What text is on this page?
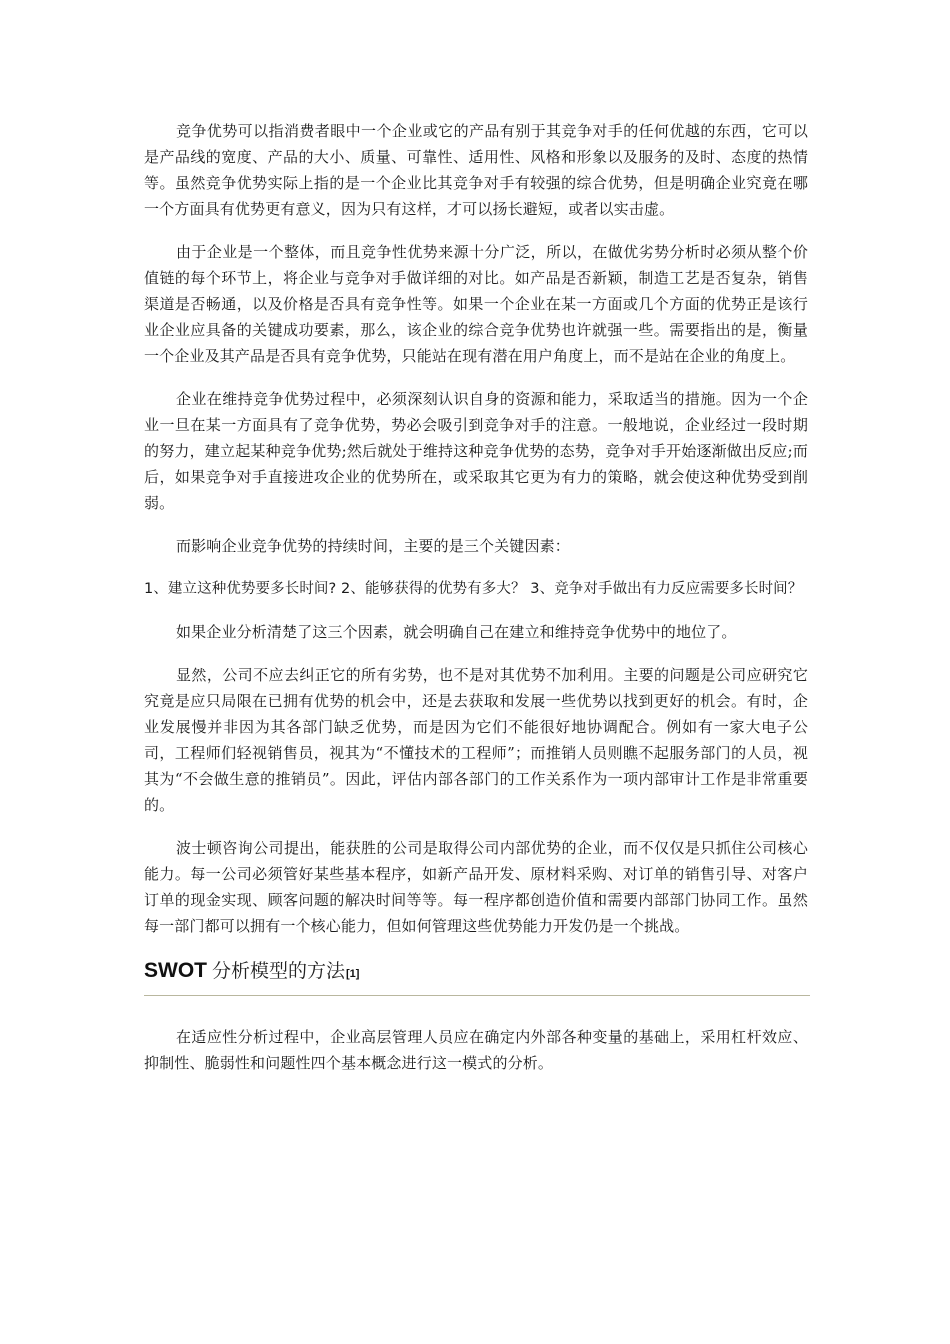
竞争优势可以指消费者眼中一个企业或它的产品有别于其竞争对手的任何优越的东西，它可以是产品线的宽度、产品的大小、质量、可靠性、适用性、风格和形象以及服务的及时、态度的热情等。虽然竞争优势实际上指的是一个企业比其竞争对手有较强的综合优势，但是明确企业究竟在哪一个方面具有优势更有意义，因为只有这样，才可以扬长避短，或者以实击虚。

由于企业是一个整体，而且竞争性优势来源十分广泛，所以，在做优劣势分析时必须从整个价值链的每个环节上，将企业与竞争对手做详细的对比。如产品是否新颖，制造工艺是否复杂，销售渠道是否畅通，以及价格是否具有竞争性等。如果一个企业在某一方面或几个方面的优势正是该行业企业应具备的关键成功要素，那么，该企业的综合竞争优势也许就强一些。需要指出的是，衡量一个企业及其产品是否具有竞争优势，只能站在现有潜在用户角度上，而不是站在企业的角度上。

企业在维持竞争优势过程中，必须深刻认识自身的资源和能力，采取适当的措施。因为一个企业一旦在某一方面具有了竞争优势，势必会吸引到竞争对手的注意。一般地说，企业经过一段时期的努力，建立起某种竞争优势;然后就处于维持这种竞争优势的态势，竞争对手开始逐渐做出反应;而后，如果竞争对手直接进攻企业的优势所在，或采取其它更为有力的策略，就会使这种优势受到削弱。

而影响企业竞争优势的持续时间，主要的是三个关键因素：

1、建立这种优势要多长时间? 2、能够获得的优势有多大？ 3、竞争对手做出有力反应需要多长时间？

如果企业分析清楚了这三个因素，就会明确自己在建立和维持竞争优势中的地位了。

显然，公司不应去纠正它的所有劣势，也不是对其优势不加利用。主要的问题是公司应研究它究竟是应只局限在已拥有优势的机会中，还是去获取和发展一些优势以找到更好的机会。有时，企业发展慢并非因为其各部门缺乏优势，而是因为它们不能很好地协调配合。例如有一家大电子公司，工程师们轻视销售员，视其为“不懂技术的工程师”；而推销人员则瞧不起服务部门的人员，视其为“不会做生意的推销员”。因此，评估内部各部门的工作关系作为一项内部审计工作是非常重要的。

波士顿咨询公司提出，能获胜的公司是取得公司内部优势的企业，而不仅仅是只抓住公司核心能力。每一公司必须管好某些基本程序，如新产品开发、原材料采购、对订单的销售引导、对客户订单的现金实现、顾客问题的解决时间等等。每一程序都创造价值和需要内部部门协同工作。虽然每一部门都可以拥有一个核心能力，但如何管理这些优势能力开发仍是一个挑战。

SWOT 分析模型的方法 [1]

在适应性分析过程中，企业高层管理人员应在确定内外部各种变量的基础上，采用杠杆效应、抑制性、脆弱性和问题性四个基本概念进行这一模式的分析。
